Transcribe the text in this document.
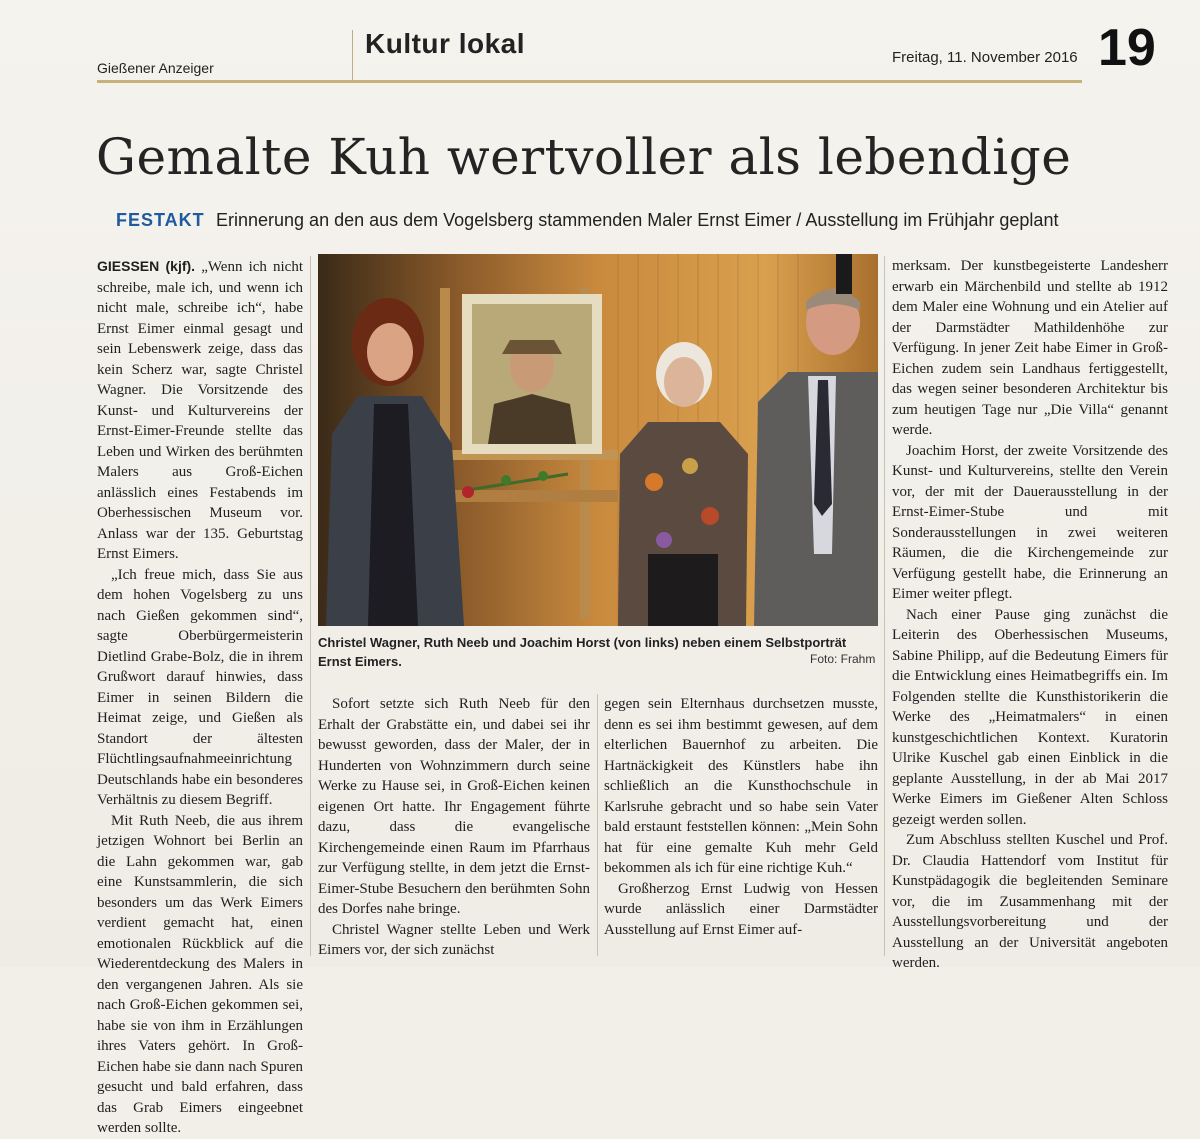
Gießener Anzeiger
Kultur lokal	Freitag, 11. November 2016 19
Gemalte Kuh wertvoller als lebendige
FESTAKT Erinnerung an den aus dem Vogelsberg stammenden Maler Ernst Eimer / Ausstellung im Frühjahr geplant

GIESSEN (kjf). „Wenn ich nicht schreibe, male ich, und wenn ich nicht male, schreibe ich“, habe Ernst Eimer einmal gesagt und sein Lebenswerk zeige, dass das kein Scherz war, sagte Christel Wagner. Die Vorsitzende des Kunst- und Kulturvereins der Ernst-Eimer-Freunde stellte das Leben und Wirken des berühmten Malers aus Groß-Eichen anlässlich eines Festabends im Oberhessischen Museum vor. Anlass war der 135. Geburtstag Ernst Eimers.

„Ich freue mich, dass Sie aus dem hohen Vogelsberg zu uns nach Gießen gekommen sind“, sagte Oberbürgermeisterin Dietlind Grabe-Bolz, die in ihrem Grußwort darauf hinwies, dass Eimer in seinen Bildern die Heimat zeige, und Gießen als Standort der ältesten Flüchtlingsaufnahmeeinrichtung Deutschlands habe ein besonderes Verhältnis zu diesem Begriff.

Mit Ruth Neeb, die aus ihrem jetzigen Wohnort bei Berlin an die Lahn gekommen war, gab eine Kunstsammlerin, die sich besonders um das Werk Eimers verdient gemacht hat, einen emotionalen Rückblick auf die Wiederentdeckung des Malers in den vergangenen Jahren. Als sie nach Groß-Eichen gekommen sei, habe sie von ihm in Erzählungen ihres Vaters gehört. In Groß-Eichen habe sie dann nach Spuren gesucht und bald erfahren, dass das Grab Eimers eingeebnet werden sollte.

Christel Wagner, Ruth Neeb und Joachim Horst (von links) neben einem Selbstporträt Ernst Eimers.	Foto: Frahm

Sofort setzte sich Ruth Neeb für den Erhalt der Grabstätte ein, und dabei sei ihr bewusst geworden, dass der Maler, der in Hunderten von Wohnzimmern durch seine Werke zu Hause sei, in Groß-Eichen keinen eigenen Ort hatte. Ihr Engagement führte dazu, dass die evangelische Kirchengemeinde einen Raum im Pfarrhaus zur Verfügung stellte, in dem jetzt die Ernst-Eimer-Stube Besuchern den berühmten Sohn des Dorfes nahe bringe.

Christel Wagner stellte Leben und Werk Eimers vor, der sich zunächst

gegen sein Elternhaus durchsetzen musste, denn es sei ihm bestimmt gewesen, auf dem elterlichen Bauernhof zu arbeiten. Die Hartnäckigkeit des Künstlers habe ihn schließlich an die Kunsthochschule in Karlsruhe gebracht und so habe sein Vater bald erstaunt feststellen können: „Mein Sohn hat für eine gemalte Kuh mehr Geld bekommen als ich für eine richtige Kuh.“

Großherzog Ernst Ludwig von Hessen wurde anlässlich einer Darmstädter Ausstellung auf Ernst Eimer auf-

merksam. Der kunstbegeisterte Landesherr erwarb ein Märchenbild und stellte ab 1912 dem Maler eine Wohnung und ein Atelier auf der Darmstädter Mathildenhöhe zur Verfügung. In jener Zeit habe Eimer in Groß-Eichen zudem sein Landhaus fertiggestellt, das wegen seiner besonderen Architektur bis zum heutigen Tage nur „Die Villa“ genannt werde.

Joachim Horst, der zweite Vorsitzende des Kunst- und Kulturvereins, stellte den Verein vor, der mit der Dauerausstellung in der Ernst-Eimer-Stube und mit Sonderausstellungen in zwei weiteren Räumen, die die Kirchengemeinde zur Verfügung gestellt habe, die Erinnerung an Eimer weiter pflegt.

Nach einer Pause ging zunächst die Leiterin des Oberhessischen Museums, Sabine Philipp, auf die Bedeutung Eimers für die Entwicklung eines Heimatbegriffs ein. Im Folgenden stellte die Kunsthistorikerin die Werke des „Heimatmalers“ in einen kunstgeschichtlichen Kontext. Kuratorin Ulrike Kuschel gab einen Einblick in die geplante Ausstellung, in der ab Mai 2017 Werke Eimers im Gießener Alten Schloss gezeigt werden sollen.

Zum Abschluss stellten Kuschel und Prof. Dr. Claudia Hattendorf vom Institut für Kunstpädagogik die begleitenden Seminare vor, die im Zusammenhang mit der Ausstellungsvorbereitung und der Ausstellung an der Universität angeboten werden.
